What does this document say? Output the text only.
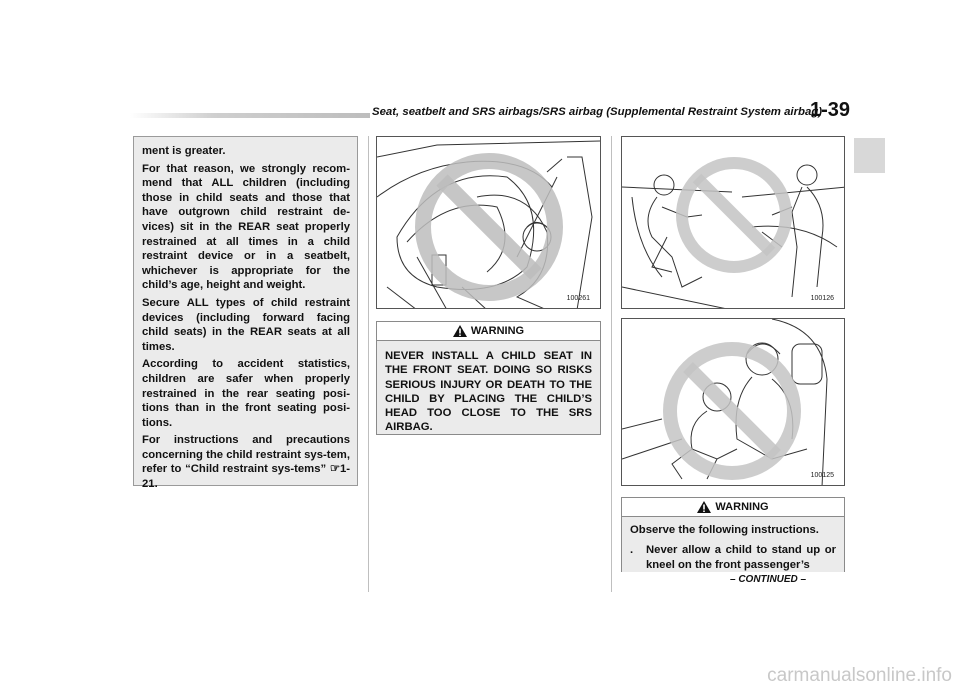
Seat, seatbelt and SRS airbags/SRS airbag (Supplemental Restraint System airbag)
1-39

ment is greater.

For that reason, we strongly recom-mend that ALL children (including those in child seats and those that have outgrown child restraint de-vices) sit in the REAR seat properly restrained at all times in a child restraint device or in a seatbelt, whichever is appropriate for the child’s age, height and weight.

Secure ALL types of child restraint devices (including forward facing child seats) in the REAR seats at all times.

According to accident statistics, children are safer when properly restrained in the rear seating posi-tions than in the front seating posi-tions.

For instructions and precautions concerning the child restraint sys-tem, refer to “Child restraint sys-tems” ☞1-21.

100261
WARNING
NEVER INSTALL A CHILD SEAT IN THE FRONT SEAT. DOING SO RISKS SERIOUS INJURY OR DEATH TO THE CHILD BY PLACING THE CHILD’S HEAD TOO CLOSE TO THE SRS AIRBAG.
100126
100125
WARNING
Observe the following instructions.
.	Never allow a child to stand up or kneel on the front passenger’s
– CONTINUED –
carmanualsonline.info
